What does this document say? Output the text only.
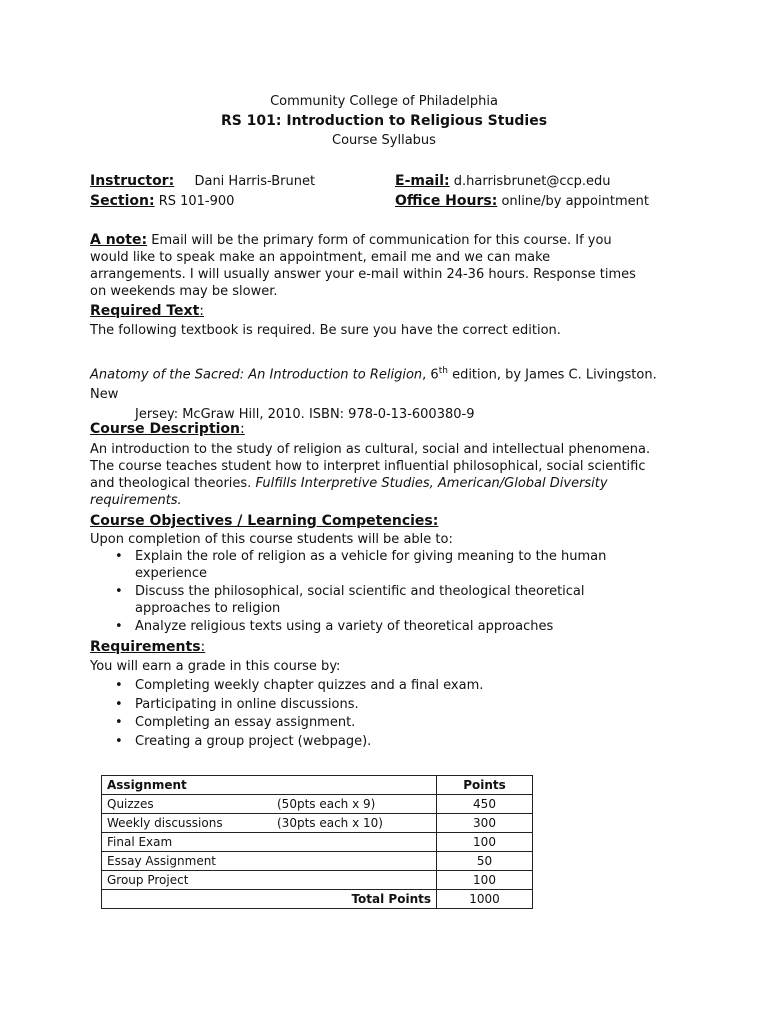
Community College of Philadelphia
RS 101: Introduction to Religious Studies
Course Syllabus
Instructor: Dani Harris-Brunet
Section: RS 101-900
E-mail: d.harrisbrunet@ccp.edu
Office Hours: online/by appointment
A note: Email will be the primary form of communication for this course. If you would like to speak make an appointment, email me and we can make arrangements. I will usually answer your e-mail within 24-36 hours. Response times on weekends may be slower.
Required Text:
The following textbook is required. Be sure you have the correct edition.
Anatomy of the Sacred: An Introduction to Religion, 6th edition, by James C. Livingston. New
Jersey: McGraw Hill, 2010. ISBN: 978-0-13-600380-9
Course Description:
An introduction to the study of religion as cultural, social and intellectual phenomena. The course teaches student how to interpret influential philosophical, social scientific and theological theories. Fulfills Interpretive Studies, American/Global Diversity requirements.
Course Objectives / Learning Competencies:
Upon completion of this course students will be able to:
• Explain the role of religion as a vehicle for giving meaning to the human experience
• Discuss the philosophical, social scientific and theological theoretical approaches to religion
• Analyze religious texts using a variety of theoretical approaches
Requirements:
You will earn a grade in this course by:
• Completing weekly chapter quizzes and a final exam.
• Participating in online discussions.
• Completing an essay assignment.
• Creating a group project (webpage).
Assignment		Points
Quizzes	(50pts each x 9)	450
Weekly discussions	(30pts each x 10)	300
Final Exam		100
Essay Assignment		50
Group Project		100
Total Points		1000
